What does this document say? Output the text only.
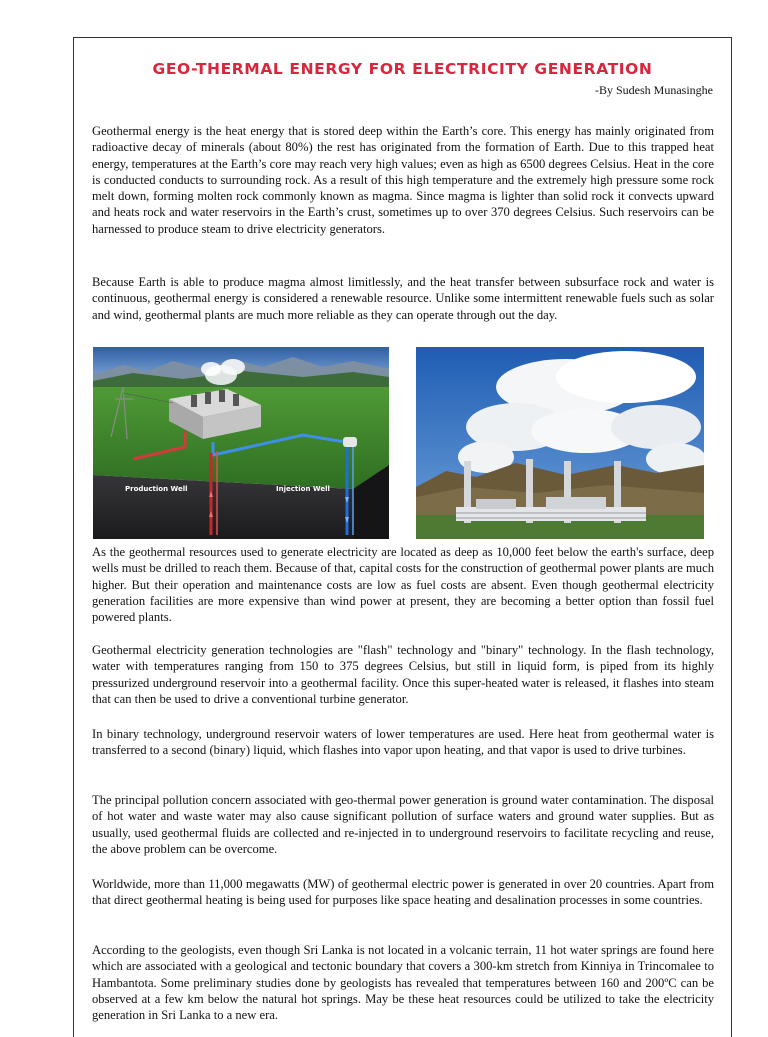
GEO-THERMAL ENERGY FOR ELECTRICITY GENERATION

-By Sudesh Munasinghe

Geothermal energy is the heat energy that is stored deep within the Earth’s core. This energy has mainly originated from radioactive decay of minerals (about 80%) the rest has originated from the formation of Earth. Due to this trapped heat energy, temperatures at the Earth’s core may reach very high values; even as high as 6500 degrees Celsius. Heat in the core is conducted conducts to surrounding rock. As a result of this high temperature and the extremely high pressure some rock melt down, forming molten rock commonly known as magma. Since magma is lighter than solid rock it convects upward and heats rock and water reservoirs in the Earth’s crust, sometimes up to over 370 degrees Celsius. Such reservoirs can be harnessed to produce steam to drive electricity generators.

Because Earth is able to produce magma almost limitlessly, and the heat transfer between subsurface rock and water is continuous, geothermal energy is considered a renewable resource. Unlike some intermittent renewable fuels such as solar and wind, geothermal plants are much more reliable as they can operate through out the day.

Production Well	Injection Well

As the geothermal resources used to generate electricity are located as deep as 10,000 feet below the earth's surface, deep wells must be drilled to reach them. Because of that, capital costs for the construction of geothermal power plants are much higher. But their operation and maintenance costs are low as fuel costs are absent. Even though geothermal electricity generation facilities are more expensive than wind power at present, they are becoming a better option than fossil fuel powered plants.

Geothermal electricity generation technologies are "flash" technology and "binary" technology. In the flash technology, water with temperatures ranging from 150 to 375 degrees Celsius, but still in liquid form, is piped from its highly pressurized underground reservoir into a geothermal facility. Once this super-heated water is released, it flashes into steam that can then be used to drive a conventional turbine generator.

In binary technology, underground reservoir waters of lower temperatures are used. Here heat from geothermal water is transferred to a second (binary) liquid, which flashes into vapor upon heating, and that vapor is used to drive turbines.

The principal pollution concern associated with geo-thermal power generation is ground water contamination. The disposal of hot water and waste water may also cause significant pollution of surface waters and ground water supplies. But as usually, used geothermal fluids are collected and re-injected in to underground reservoirs to facilitate recycling and reuse, the above problem can be overcome.

Worldwide, more than 11,000 megawatts (MW) of geothermal electric power is generated in over 20 countries. Apart from that direct geothermal heating is being used for purposes like space heating and desalination processes in some countries.

According to the geologists, even though Sri Lanka is not located in a volcanic terrain, 11 hot water springs are found here which are associated with a geological and tectonic boundary that covers a 300-km stretch from Kinniya in Trincomalee to Hambantota. Some preliminary studies done by geologists has revealed that temperatures between 160 and 200ºC can be observed at a few km below the natural hot springs. May be these heat resources could be utilized to take the electricity generation in Sri Lanka to a new era.
